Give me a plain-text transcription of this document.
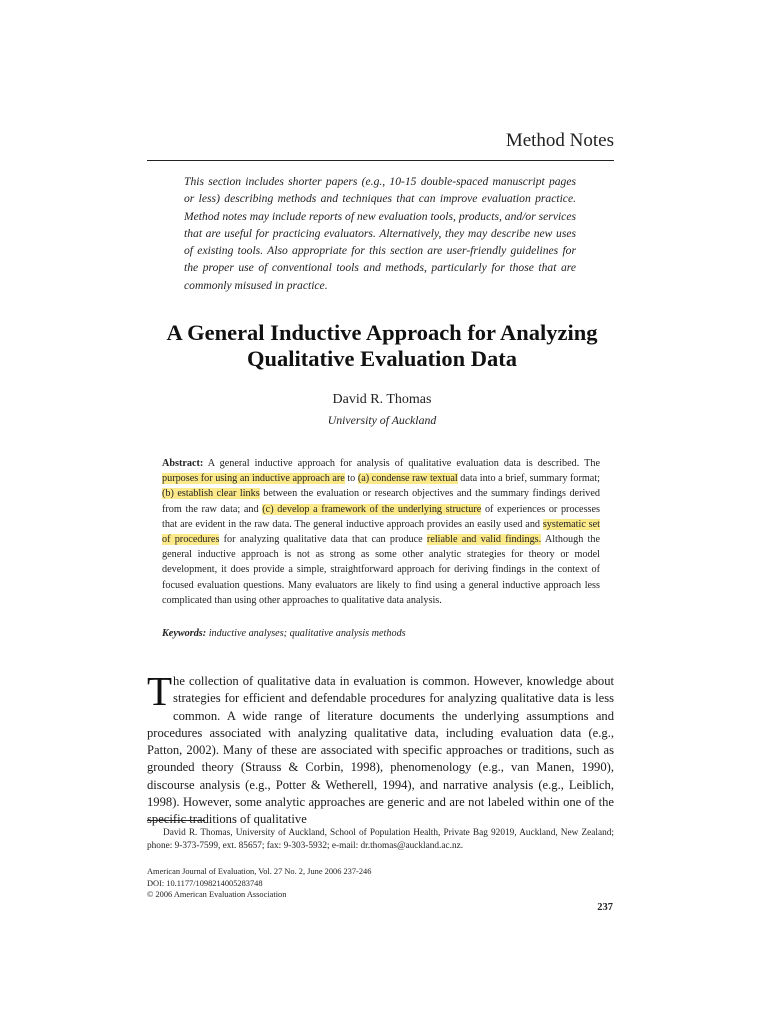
Method Notes
This section includes shorter papers (e.g., 10-15 double-spaced manuscript pages or less) describing methods and techniques that can improve evaluation practice. Method notes may include reports of new evaluation tools, products, and/or services that are useful for practicing evaluators. Alternatively, they may describe new uses of existing tools. Also appropriate for this section are user-friendly guidelines for the proper use of conventional tools and methods, particularly for those that are commonly misused in practice.
A General Inductive Approach for Analyzing Qualitative Evaluation Data
David R. Thomas
University of Auckland
Abstract: A general inductive approach for analysis of qualitative evaluation data is described. The purposes for using an inductive approach are to (a) condense raw textual data into a brief, summary format; (b) establish clear links between the evaluation or research objectives and the summary findings derived from the raw data; and (c) develop a framework of the underlying structure of experiences or processes that are evident in the raw data. The general inductive approach provides an easily used and systematic set of procedures for analyzing qualitative data that can produce reliable and valid findings. Although the general inductive approach is not as strong as some other analytic strategies for theory or model development, it does provide a simple, straightforward approach for deriving findings in the context of focused evaluation questions. Many evaluators are likely to find using a general inductive approach less complicated than using other approaches to qualitative data analysis.
Keywords: inductive analyses; qualitative analysis methods
The collection of qualitative data in evaluation is common. However, knowledge about strategies for efficient and defendable procedures for analyzing qualitative data is less common. A wide range of literature documents the underlying assumptions and procedures associated with analyzing qualitative data, including evaluation data (e.g., Patton, 2002). Many of these are associated with specific approaches or traditions, such as grounded theory (Strauss & Corbin, 1998), phenomenology (e.g., van Manen, 1990), discourse analysis (e.g., Potter & Wetherell, 1994), and narrative analysis (e.g., Leiblich, 1998). However, some analytic approaches are generic and are not labeled within one of the specific traditions of qualitative
David R. Thomas, University of Auckland, School of Population Health, Private Bag 92019, Auckland, New Zealand; phone: 9-373-7599, ext. 85657; fax: 9-303-5932; e-mail: dr.thomas@auckland.ac.nz.
American Journal of Evaluation, Vol. 27 No. 2, June 2006 237-246
DOI: 10.1177/1098214005283748
© 2006 American Evaluation Association
237
